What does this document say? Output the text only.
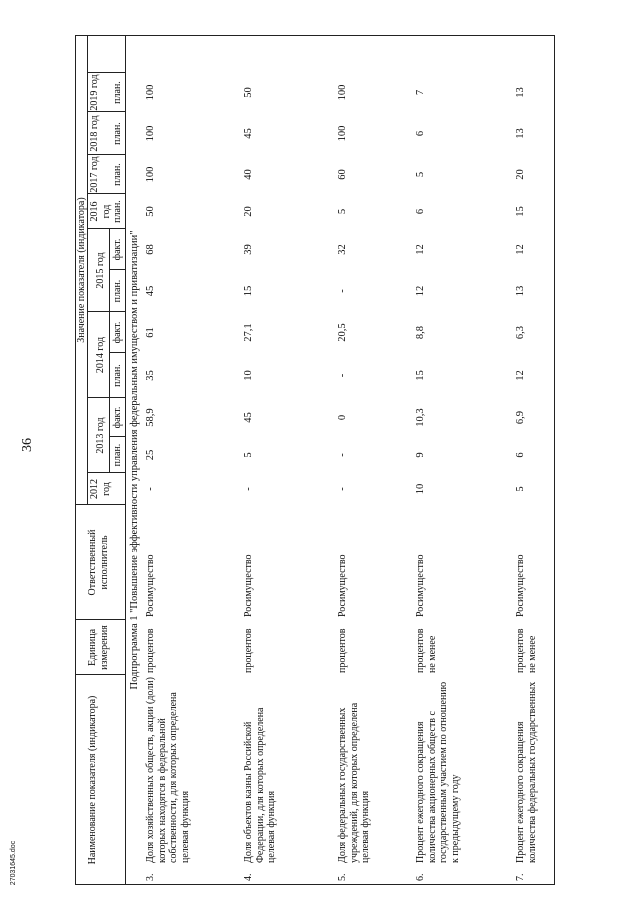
36
27031645.doc	Наименование показателя (индикатора)
Единица измерения
Ответственный исполнитель
Значение показателя (индикатора)
2012 год
2013 год
2014 год
2015 год
2016 год
2017 год
2018 год
2019 год
план.
факт.
план.
факт.
план.
факт.
план.
план.
план.
план.
Подпрограмма 1 "Повышение эффективности управления федеральным имуществом и приватизации"
3.
Доля хозяйственных обществ, акции (доли) которых находятся в федеральной собственности, для которых определена целевая функция
процентов
Росимущество
-
25
58,9
35
61
45
68
50
100
100
100
4.
Доля объектов казны Российской Федерации, для которых определена целевая функция
процентов
Росимущество
-
5
45
10
27,1
15
39
20
40
45
50
5.
Доля федеральных государственных учреждений, для которых определена целевая функция
процентов
Росимущество
-
-
0
-
20,5
-
32
5
60
100
100
6.
Процент ежегодного сокращения количества акционерных обществ с государственным участием по отношению к предыдущему году
процентов не менее
Росимущество
10
9
10,3
15
8,8
12
12
6
5
6
7
7.
Процент ежегодного сокращения количества федеральных государственных
процентов не менее
Росимущество
5
6
6,9
12
6,3
13
12
15
20
13
13
